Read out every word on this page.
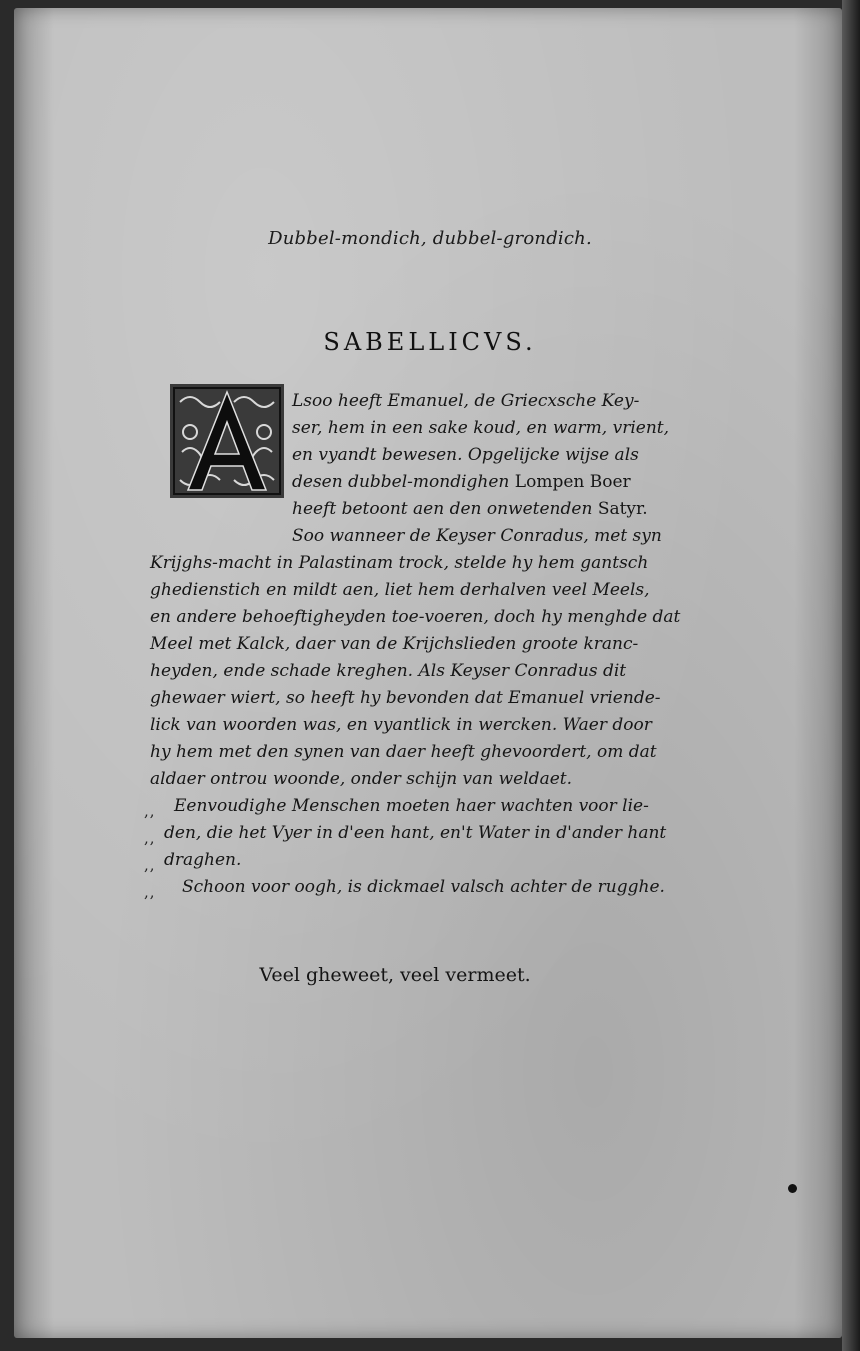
Dubbel-mondich, dubbel-grondich.
SABELLICVS.
Lsoo heeft Emanuel, de Griecxsche Key-
ser, hem in een sake koud, en warm, vrient,
en vyandt bewesen. Opgelijcke wijse als
desen dubbel-mondighen Lompen Boer
heeft betoont aen den onwetenden Satyr.
Soo wanneer de Keyser Conradus, met syn
Krijghs-macht in Palastinam trock, stelde hy hem gantsch
ghedienstich en mildt aen, liet hem derhalven veel Meels,
en andere behoeftigheyden toe-voeren, doch hy menghde dat
Meel met Kalck, daer van de Krijchslieden groote kranc-
heyden, ende schade kreghen. Als Keyser Conradus dit
ghewaer wiert, so heeft hy bevonden dat Emanuel vriende-
lick van woorden was, en vyantlick in wercken. Waer door
hy hem met den synen van daer heeft ghevoordert, om dat
aldaer ontrou woonde, onder schijn van weldaet.
,, Eenvoudighe Menschen moeten haer wachten voor lie-
,, den, die het Vyer in d'een hant, en't Water in d'ander hant
,, draghen.
,, Schoon voor oogh, is dickmael valsch achter de rugghe.
Veel gheweet, veel vermeet.
